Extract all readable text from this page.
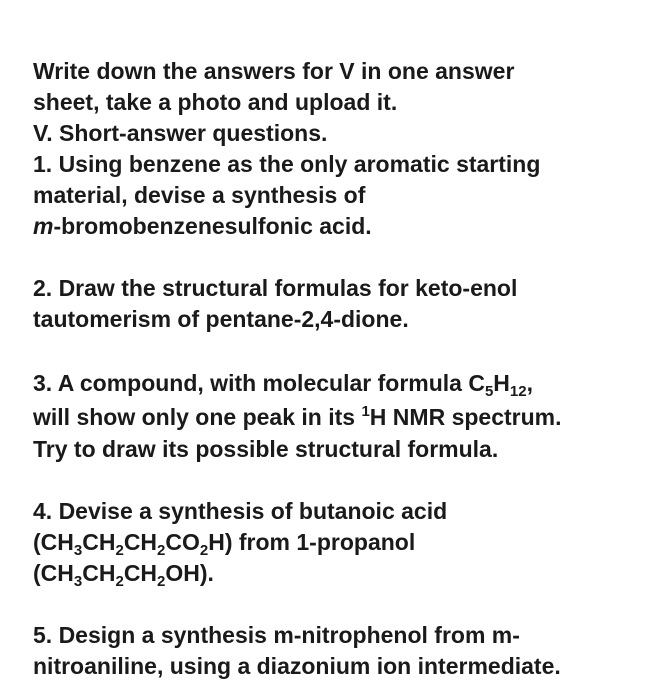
Write down the answers for V in one answer
sheet, take a photo and upload it.
V. Short-answer questions.
1. Using benzene as the only aromatic starting
material, devise a synthesis of
m-bromobenzenesulfonic acid.
2. Draw the structural formulas for keto-enol
tautomerism of pentane-2,4-dione.
3. A compound, with molecular formula $C_5H_{12}$,
will show only one peak in its $^1$H NMR spectrum.
Try to draw its possible structural formula.
4. Devise a synthesis of butanoic acid
$(CH_3CH_2CH_2CO_2H)$ from 1-propanol
$(CH_3CH_2CH_2OH)$.
5. Design a synthesis m-nitrophenol from m-
nitroaniline, using a diazonium ion intermediate.
